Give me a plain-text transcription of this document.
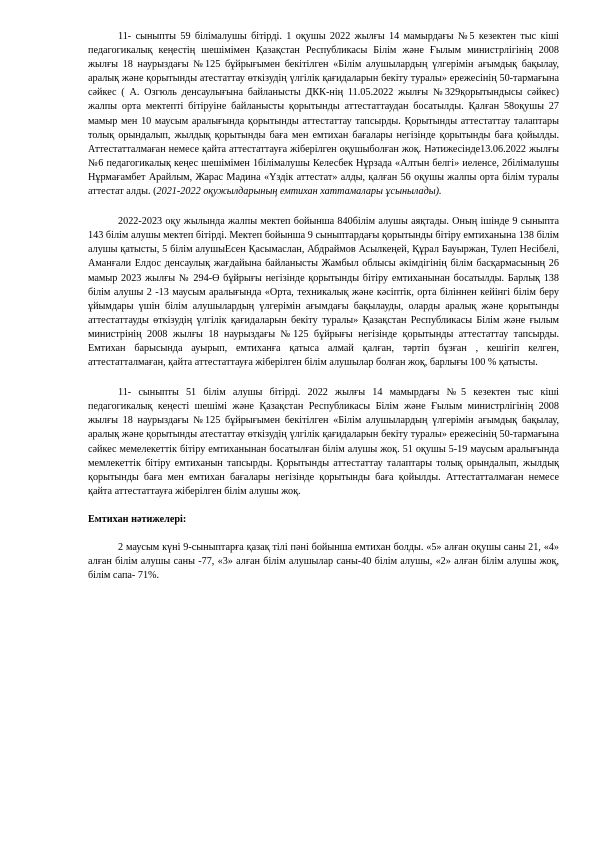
11- сыныпты 59 білімалушы бітірді. 1 оқушы 2022 жылғы 14 мамырдағы №5 кезектен тыс кіші педагогикалық кеңестің шешімімен Қазақстан Республикасы Білім және Ғылым министрлігінің 2008 жылғы 18 наурыздағы №125 бұйрығымен бекітілген «Білім алушылардың үлгерімін ағымдық бақылау, аралық және қорытынды атестаттау өткізудің үлгілік қағидаларын бекіту туралы» ережесінің 50-тармағына сәйкес ( А. Озгюль денсаулығына байланысты ДКК-нің 11.05.2022 жылғы №329қорытындысы сәйкес) жалпы орта мектепті бітіруіне байланысты қорытынды аттестаттаудан босатылды. Қалған 58оқушы 27 мамыр мен 10 маусым аралығында қорытынды аттестаттау тапсырды. Қорытынды аттестаттау талаптары толық орындалып, жылдық қорытынды баға мен емтихан бағалары негізінде қорытынды баға қойылды. Аттестатталмаған немесе қайта аттестаттауға жіберілген оқушыболған жоқ. Нәтижесінде13.06.2022 жылғы №6 педагогикалық кеңес шешімімен 1білімалушы Келесбек Нұрзада «Алтын белгі» иеленсе, 2білімалушы Нұрмағамбет Арайлым, Жарас Мадина «Үздік аттестат» алды, қалған 56 оқушы жалпы орта білім туралы аттестат алды. (2021-2022 оқужылдарының емтихан хаттамалары ұсынылады).

2022-2023 оқу жылында жалпы мектеп бойынша 840білім алушы аяқтады. Оның ішінде 9 сыныпта 143 білім алушы мектеп бітірді. Мектеп бойынша 9 сыныптардағы қорытынды бітіру емтиханына 138 білім алушы қатысты, 5 білім алушыЕсен Қасымаслан, Абдраймов Асылкеңей, Құрал Бауыржан, Тулеп Несібелі, Аманғали Елдос денсаулық жағдайына байланысты Жамбыл облысы әкімдігінің білім басқармасының 26 мамыр 2023 жылғы № 294-Ө бұйрығы негізінде қорытынды бітіру емтиханынан босатылды. Барлық 138 білім алушы 2 -13 маусым аралығында «Орта, техникалық және кәсіптік, орта біліннен кейінгі білім беру ұйымдары үшін білім алушылардың үлгерімін ағымдағы бақылауды, оларды аралық және қорытынды аттестаттауды өткізудің үлгілік қағидаларын бекіту туралы» Қазақстан Республикасы Білім және ғылым министрінің 2008 жылғы 18 наурыздағы №125 бұйрығы негізінде қорытынды аттестаттау тапсырды. Емтихан барысында ауырып, емтиханға қатыса алмай қалған, тәртіп бұзған , кешігіп келген, аттестатталмаған, қайта аттестаттауға жіберілген білім алушылар болған жоқ, барлығы 100 % қатысты.

11- сыныпты 51 білім алушы бітірді. 2022 жылғы 14 мамырдағы №5 кезектен тыс кіші педагогикалық кеңесті шешімі және Қазақстан Республикасы Білім және Ғылым министрлігінің 2008 жылғы 18 наурыздағы №125 бұйрығымен бекітілген «Білім алушылардың үлгерімін ағымдық бақылау, аралық және қорытынды атестаттау өткізудің үлгілік қағидаларын бекіту туралы» ережесінің 50-тармағына сәйкес мемелекеттік бітіру емтиханынан босатылған білім алушы жоқ. 51 оқушы 5-19 маусым аралығында мемлекеттік бітіру емтиханын тапсырды. Қорытынды аттестаттау талаптары толық орындалып, жылдық қорытынды баға мен емтихан бағалары негізінде қорытынды баға қойылды. Аттестатталмаған немесе қайта аттестаттауға жіберілген білім алушы жоқ.

Емтихан нәтижелері:

2 маусым күні 9-сыныптарға қазақ тілі пәні бойынша емтихан болды. «5» алған оқушы саны 21, «4» алған білім алушы саны -77, «3» алған білім алушылар саны-40 білім алушы, «2» алған білім алушы жоқ, білім сапа- 71%.
